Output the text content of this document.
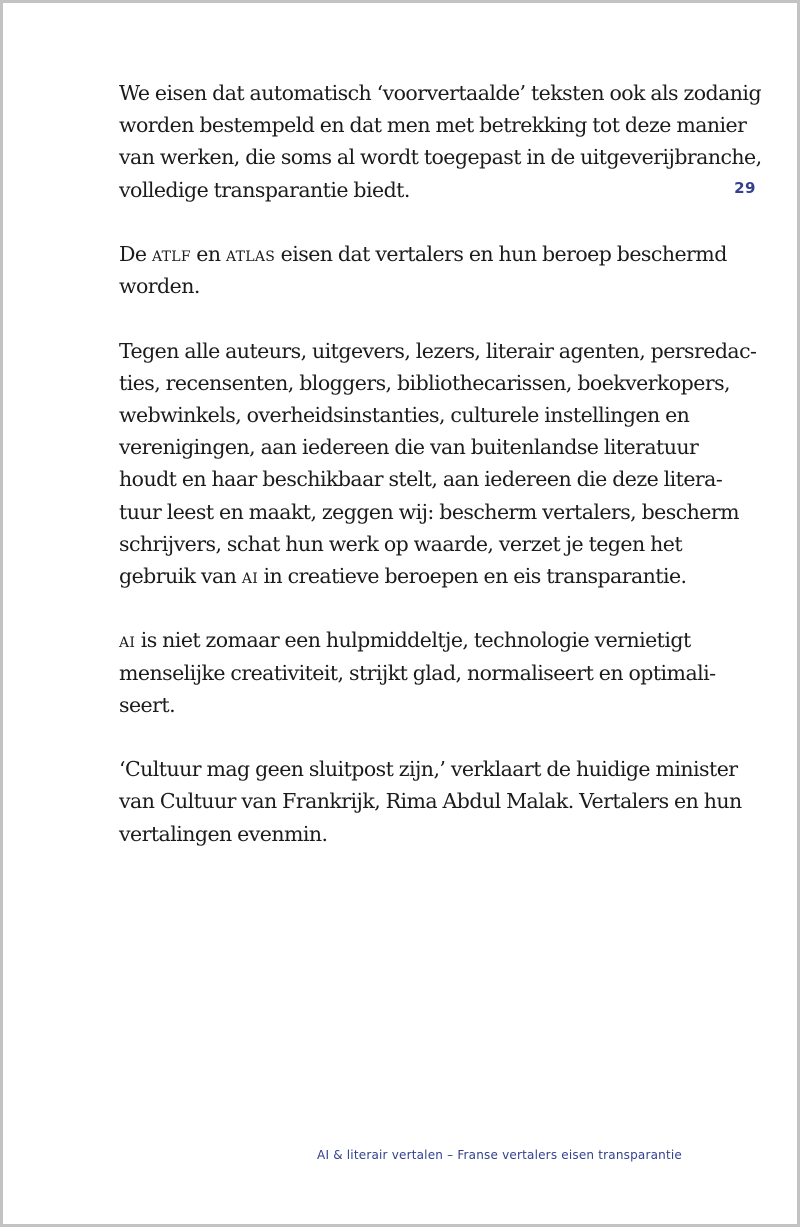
We eisen dat automatisch ‘voorvertaalde’ teksten ook als zodanig
worden bestempeld en dat men met betrekking tot deze manier
van werken, die soms al wordt toegepast in de uitgeverijbranche,
volledige transparantie biedt.

De atlf en atlas eisen dat vertalers en hun beroep beschermd
worden.

Tegen alle auteurs, uitgevers, lezers, literair agenten, persredac-
ties, recensenten, bloggers, bibliothecarissen, boekverkopers,
webwinkels, overheidsinstanties, culturele instellingen en
verenigingen, aan iedereen die van buitenlandse literatuur
houdt en haar beschikbaar stelt, aan iedereen die deze litera-
tuur leest en maakt, zeggen wij: bescherm vertalers, bescherm
schrijvers, schat hun werk op waarde, verzet je tegen het
gebruik van ai in creatieve beroepen en eis transparantie.

ai is niet zomaar een hulpmiddeltje, technologie vernietigt
menselijke creativiteit, strijkt glad, normaliseert en optimali-
seert.

‘Cultuur mag geen sluitpost zijn,’ verklaart de huidige minister
van Cultuur van Frankrijk, Rima Abdul Malak. Vertalers en hun
vertalingen evenmin.

29
AI & literair vertalen – Franse vertalers eisen transparantie
